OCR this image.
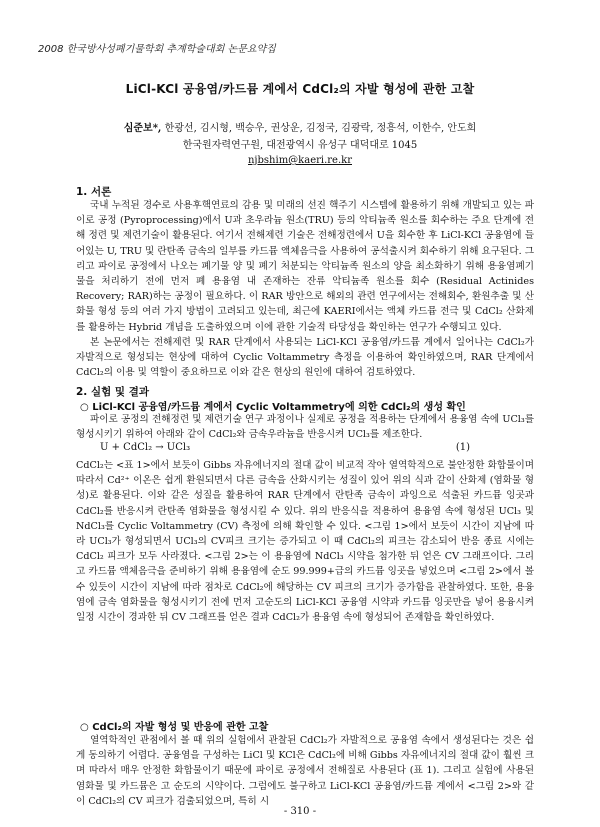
2008 한국방사성폐기물학회 추계학술대회 논문요약집
LiCl-KCl 공융염/카드뮴 계에서 CdCl₂의 자발 형성에 관한 고찰
심준보*, 한광선, 김시형, 백승우, 권상운, 김정국, 김광락, 정흥석, 이한수, 안도희
한국원자력연구원, 대전광역시 유성구 대덕대로 1045
njbshim@kaeri.re.kr
1. 서론

국내 누적된 경수로 사용후핵연료의 감용 및 미래의 선진 핵주기 시스템에 활용하기 위해 개발되고 있는 파이로 공정 (Pyroprocessing)에서 U과 초우라늄 원소(TRU) 등의 악티늄족 원소를 회수하는 주요 단계에 전해 정련 및 제련기술이 활용된다. 여기서 전해제련 기술은 전해정련에서 U을 회수한 후 LiCl-KCl 공융염에 들어있는 U, TRU 및 란탄족 금속의 일부를 카드뮴 액체음극을 사용하여 공석출시켜 회수하기 위해 요구된다. 그리고 파이로 공정에서 나오는 폐기물 양 및 폐기 처분되는 악티늄족 원소의 양을 최소화하기 위해 용융염폐기물을 처리하기 전에 먼저 폐 용융염 내 존재하는 잔류 악티늄족 원소를 회수 (Residual Actinides Recovery; RAR)하는 공정이 필요하다. 이 RAR 방안으로 해외의 관련 연구에서는 전해회수, 환원추출 및 산화물 형성 등의 여러 가지 방법이 고려되고 있는데, 최근에 KAERI에서는 액체 카드뮴 전극 및 CdCl₂ 산화제를 활용하는 Hybrid 개념을 도출하였으며 이에 관한 기술적 타당성을 확인하는 연구가 수행되고 있다.

본 논문에서는 전해제련 및 RAR 단계에서 사용되는 LiCl-KCl 공융염/카드뮴 계에서 일어나는 CdCl₂가 자발적으로 형성되는 현상에 대하여 Cyclic Voltammetry 측정을 이용하여 확인하였으며, RAR 단계에서 CdCl₂의 이용 및 역할이 중요하므로 이와 같은 현상의 원인에 대하여 검토하였다.

2. 실험 및 결과
○ LiCl-KCl 공융염/카드뮴 계에서 Cyclic Voltammetry에 의한 CdCl₂의 생성 확인

파이로 공정의 전해정련 및 제련기술 연구 과정이나 실제로 공정을 적용하는 단계에서 용융염 속에 UCl₃를 형성시키기 위하여 아래와 같이 CdCl₂와 금속우라늄을 반응시켜 UCl₃를 제조한다.

U + CdCl₂ → UCl₃	(1)

CdCl₂는 <표 1>에서 보듯이 Gibbs 자유에너지의 절대 값이 비교적 작아 열역학적으로 불안정한 화합물이며 따라서 Cd²⁺ 이온은 쉽게 환원되면서 다른 금속을 산화시키는 성질이 있어 위의 식과 같이 산화제 (염화물 형성)로 활용된다. 이와 같은 성질을 활용하여 RAR 단계에서 란탄족 금속이 과잉으로 석출된 카드뮴 잉곳과 CdCl₂를 반응시켜 란탄족 염화물을 형성시킬 수 있다. 위의 반응식을 적용하여 용융염 속에 형성된 UCl₃ 및 NdCl₃를 Cyclic Voltammetry (CV) 측정에 의해 확인할 수 있다. <그림 1>에서 보듯이 시간이 지남에 따라 UCl₃가 형성되면서 UCl₃의 CV피크 크기는 증가되고 이 때 CdCl₂의 피크는 감소되어 반응 종료 시에는 CdCl₂ 피크가 모두 사라졌다. <그림 2>는 이 용융염에 NdCl₃ 시약을 첨가한 뒤 얻은 CV 그래프이다. 그리고 카드뮴 액체음극을 준비하기 위해 용융염에 순도 99.999+급의 카드뮴 잉곳을 넣었으며 <그림 2>에서 볼 수 있듯이 시간이 지남에 따라 점차로 CdCl₂에 해당하는 CV 피크의 크기가 증가함을 관찰하였다. 또한, 용융염에 금속 염화물을 형성시키기 전에 먼저 고순도의 LiCl-KCl 공융염 시약과 카드뮴 잉곳만을 넣어 용융시켜 일정 시간이 경과한 뒤 CV 그래프를 얻은 결과 CdCl₂가 용융염 속에 형성되어 존재함을 확인하였다.

○ CdCl₂의 자발 형성 및 반응에 관한 고찰

열역학적인 관점에서 볼 때 위의 실험에서 관찰된 CdCl₂가 자발적으로 공융염 속에서 생성된다는 것은 쉽게 동의하기 어렵다. 공융염을 구성하는 LiCl 및 KCl은 CdCl₂에 비해 Gibbs 자유에너지의 절대 값이 훨씬 크며 따라서 매우 안정한 화합물이기 때문에 파이로 공정에서 전해질로 사용된다 (표 1). 그리고 실험에 사용된 염화물 및 카드뮴은 고 순도의 시약이다. 그럼에도 불구하고 LiCl-KCl 공융염/카드뮴 계에서 <그림 2>와 같이 CdCl₂의 CV 피크가 검출되었으며, 특히 시

- 310 -
